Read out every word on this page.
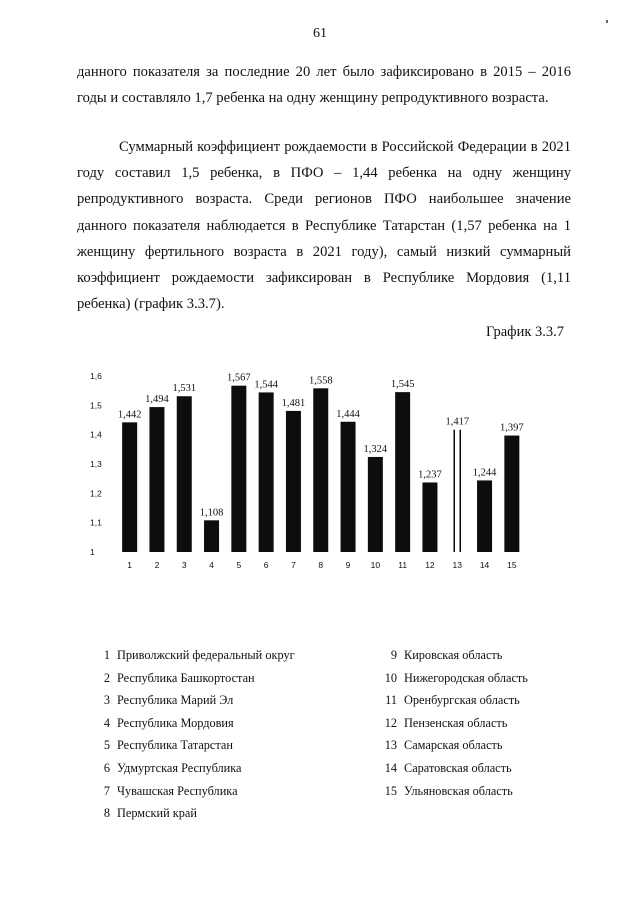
61

данного показателя за последние 20 лет было зафиксировано в 2015 – 2016 годы и составляло 1,7 ребенка на одну женщину репродуктивного возраста.

Суммарный коэффициент рождаемости в Российской Федерации в 2021 году составил 1,5 ребенка, в ПФО – 1,44 ребенка на одну женщину репродуктивного возраста. Среди регионов ПФО наибольшее значение данного показателя наблюдается в Республике Татарстан (1,57 ребенка на 1 женщину фертильного возраста в 2021 году), самый низкий суммарный коэффициент рождаемости зафиксирован в Республике Мордовия (1,11 ребенка) (график 3.3.7).

График 3.3.7
1
1,1
1,2
1,3
1,4
1,5
1,6
1,442
1
1,494
2
1,531
3
1,108
4
1,567
5
1,544
6
1,481
7
1,558
8
1,444
9
1,324
10
1,545
11
1,237
12
1,417
13
1,244
14
1,397
15
1 Приволжский федеральный округ
2 Республика Башкортостан
3 Республика Марий Эл
4 Республика Мордовия
5 Республика Татарстан
6 Удмуртская Республика
7 Чувашская Республика
8 Пермский край
9 Кировская область
10 Нижегородская область
11 Оренбургская область
12 Пензенская область
13 Самарская область
14 Саратовская область
15 Ульяновская область
